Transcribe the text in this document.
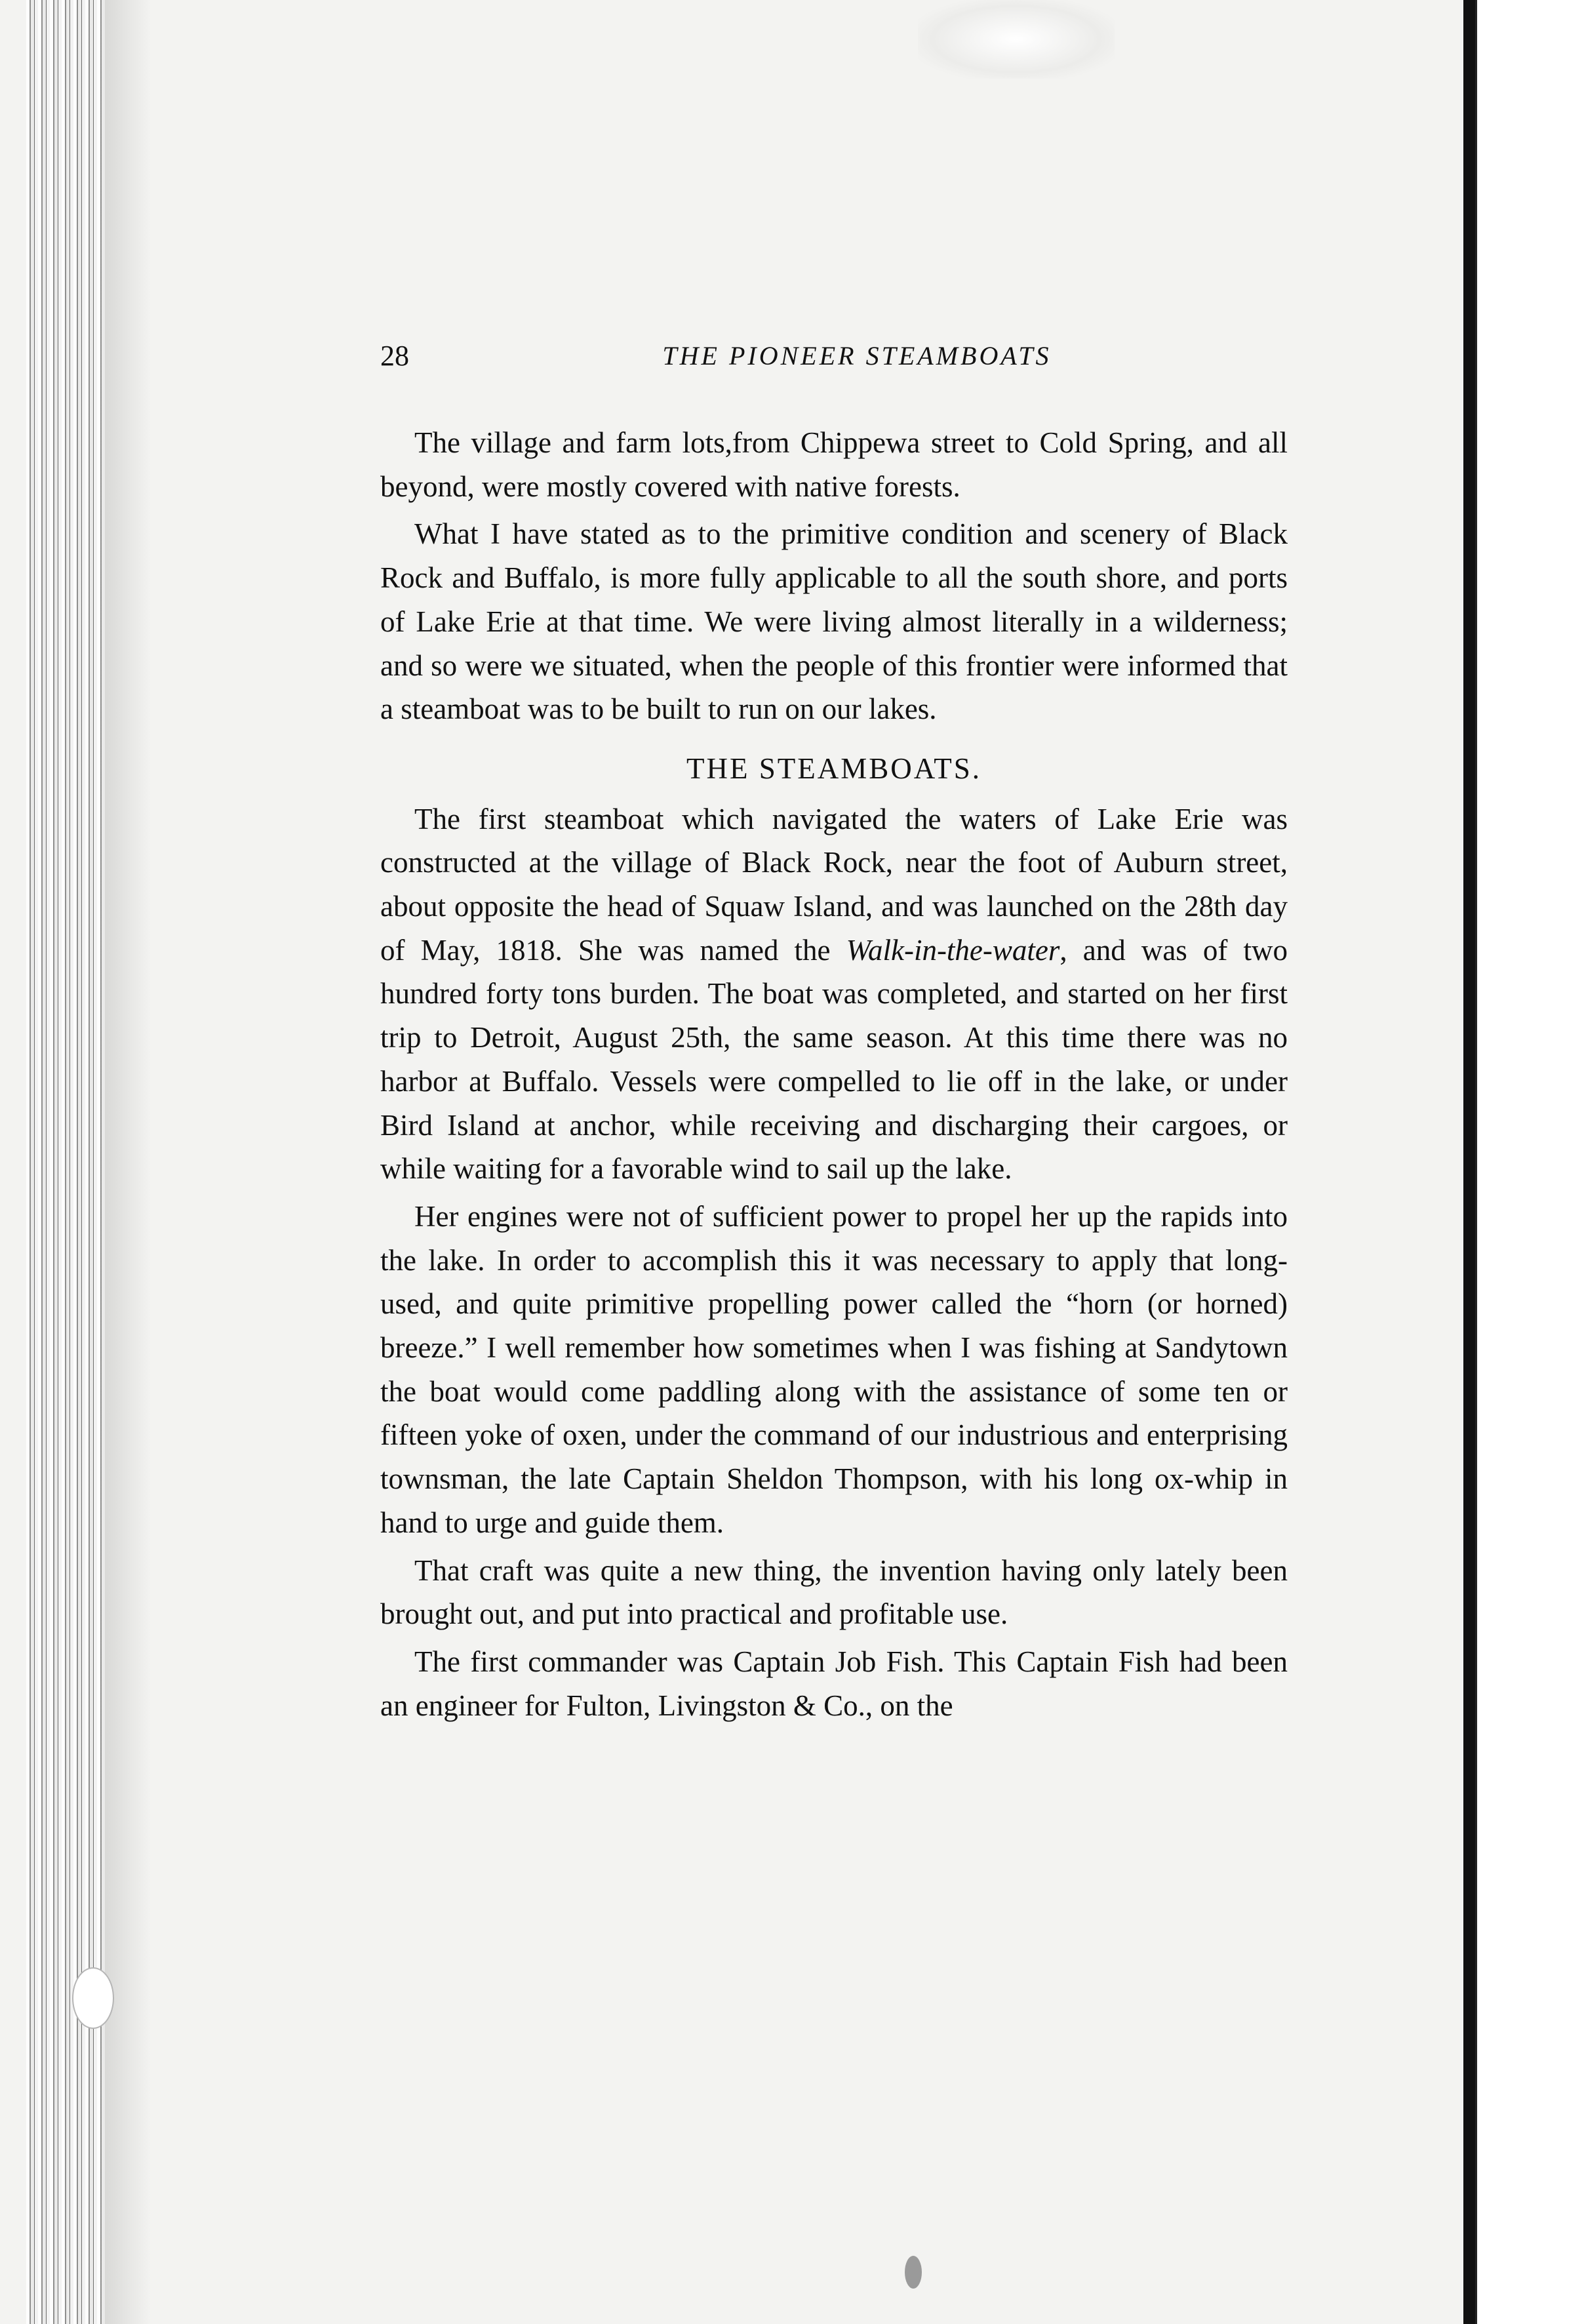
28	THE PIONEER STEAMBOATS

The village and farm lots,from Chippewa street to Cold Spring, and all beyond, were mostly covered with native forests.

What I have stated as to the primitive condition and scenery of Black Rock and Buffalo, is more fully applicable to all the south shore, and ports of Lake Erie at that time. We were living almost literally in a wilderness; and so were we situated, when the people of this frontier were informed that a steamboat was to be built to run on our lakes.

THE STEAMBOATS.

The first steamboat which navigated the waters of Lake Erie was constructed at the village of Black Rock, near the foot of Auburn street, about opposite the head of Squaw Island, and was launched on the 28th day of May, 1818. She was named the Walk-in-the-water, and was of two hundred forty tons burden. The boat was completed, and started on her first trip to Detroit, August 25th, the same season. At this time there was no harbor at Buffalo. Vessels were compelled to lie off in the lake, or under Bird Island at anchor, while receiving and discharging their cargoes, or while waiting for a favorable wind to sail up the lake.

Her engines were not of sufficient power to propel her up the rapids into the lake. In order to accomplish this it was necessary to apply that long-used, and quite primitive propelling power called the “horn (or horned) breeze.” I well remember how sometimes when I was fishing at Sandytown the boat would come paddling along with the assistance of some ten or fifteen yoke of oxen, under the command of our industrious and enterprising townsman, the late Captain Sheldon Thompson, with his long ox-whip in hand to urge and guide them.

That craft was quite a new thing, the invention having only lately been brought out, and put into practical and profitable use.

The first commander was Captain Job Fish. This Captain Fish had been an engineer for Fulton, Livingston & Co., on the
